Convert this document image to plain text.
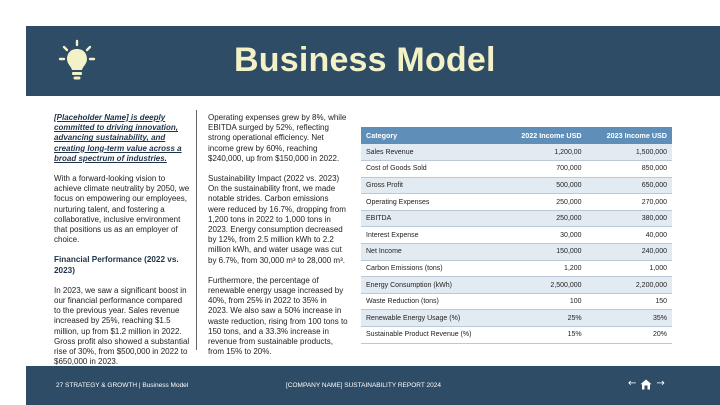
Business Model

[Placeholder Name] is deeply committed to driving innovation, advancing sustainability, and creating long-term value across a broad spectrum of industries.

With a forward-looking vision to achieve climate neutrality by 2050, we focus on empowering our employees, nurturing talent, and fostering a collaborative, inclusive environment that positions us as an employer of choice.

Financial Performance (2022 vs. 2023)

In 2023, we saw a significant boost in our financial performance compared to the previous year. Sales revenue increased by 25%, reaching $1.5 million, up from $1.2 million in 2022. Gross profit also showed a substantial rise of 30%, from $500,000 in 2022 to $650,000 in 2023.

Operating expenses grew by 8%, while EBITDA surged by 52%, reflecting strong operational efficiency. Net income grew by 60%, reaching $240,000, up from $150,000 in 2022.

Sustainability Impact (2022 vs. 2023) On the sustainability front, we made notable strides. Carbon emissions were reduced by 16.7%, dropping from 1,200 tons in 2022 to 1,000 tons in 2023. Energy consumption decreased by 12%, from 2.5 million kWh to 2.2 million kWh, and water usage was cut by 6.7%, from 30,000 m³ to 28,000 m³.

Furthermore, the percentage of renewable energy usage increased by 40%, from 25% in 2022 to 35% in 2023. We also saw a 50% increase in waste reduction, rising from 100 tons to 150 tons, and a 33.3% increase in revenue from sustainable products, from 15% to 20%.

Category	2022 Income USD	2023 Income USD
Sales Revenue	1,200,00	1,500,000
Cost of Goods Sold	700,000	850,000
Gross Profit	500,000	650,000
Operating Expenses	250,000	270,000
EBITDA	250,000	380,000
Interest Expense	30,000	40,000
Net Income	150,000	240,000
Carbon Emissions (tons)	1,200	1,000
Energy Consumption (kWh)	2,500,000	2,200,000
Waste Reduction (tons)	100	150
Renewable Energy Usage (%)	25%	35%
Sustainable Product Revenue (%)	15%	20%
27 STRATEGY & GROWTH | Business Model	[COMPANY NAME] SUSTAINABILITY REPORT 2024	← →
